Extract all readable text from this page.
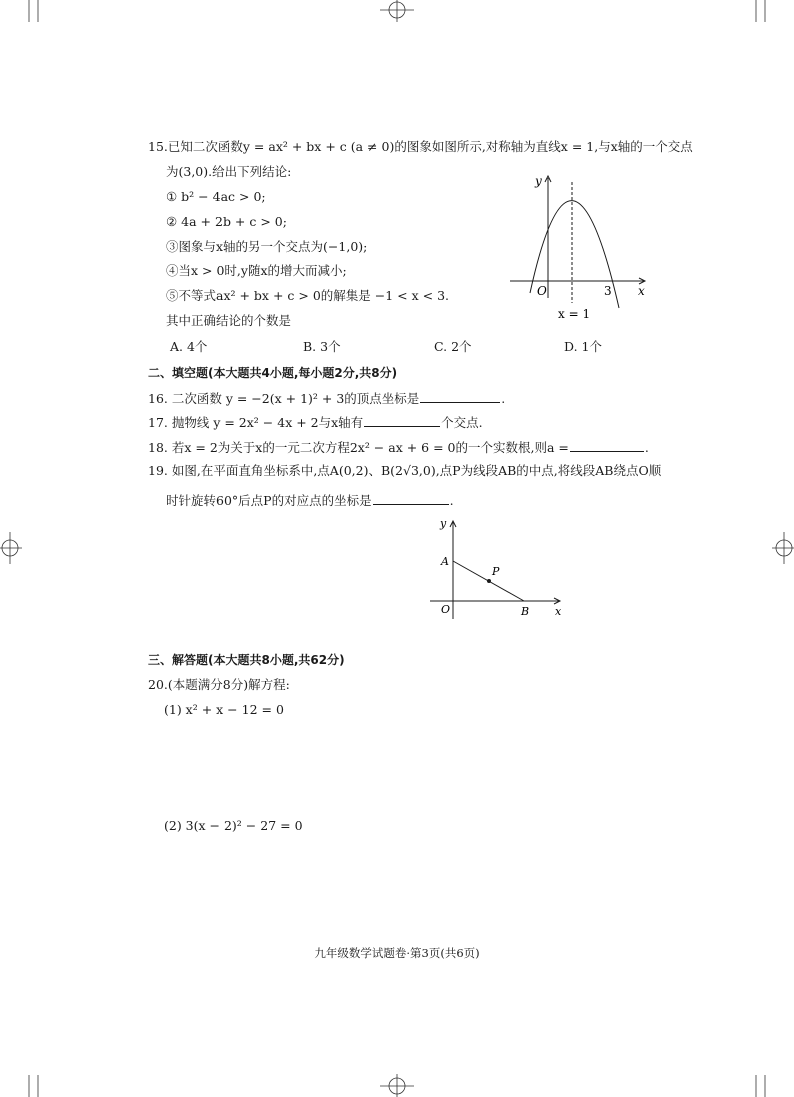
15.已知二次函数y = ax² + bx + c (a ≠ 0)的图象如图所示,对称轴为直线x = 1,与x轴的一个交点
为(3,0).给出下列结论:
① b² − 4ac > 0;
② 4a + 2b + c > 0;
③图象与x轴的另一个交点为(−1,0);
④当x > 0时,y随x的增大而减小;
⑤不等式ax² + bx + c > 0的解集是 −1 < x < 3.
其中正确结论的个数是
A. 4个	B. 3个	C. 2个	D. 1个
y
x
O	3
x = 1
二、填空题(本大题共4小题,每小题2分,共8分)
16. 二次函数 y = −2(x + 1)² + 3的顶点坐标是	.
17. 抛物线 y = 2x² − 4x + 2与x轴有	个交点.
18. 若x = 2为关于x的一元二次方程2x² − ax + 6 = 0的一个实数根,则a =	.
19. 如图,在平面直角坐标系中,点A(0,2)、B(2√3,0),点P为线段AB的中点,将线段AB绕点O顺
时针旋转60°后点P的对应点的坐标是	.
y
x
A
P
O	B
三、解答题(本大题共8小题,共62分)
20.(本题满分8分)解方程:
(1) x² + x − 12 = 0
(2) 3(x − 2)² − 27 = 0
九年级数学试题卷·第3页(共6页)
